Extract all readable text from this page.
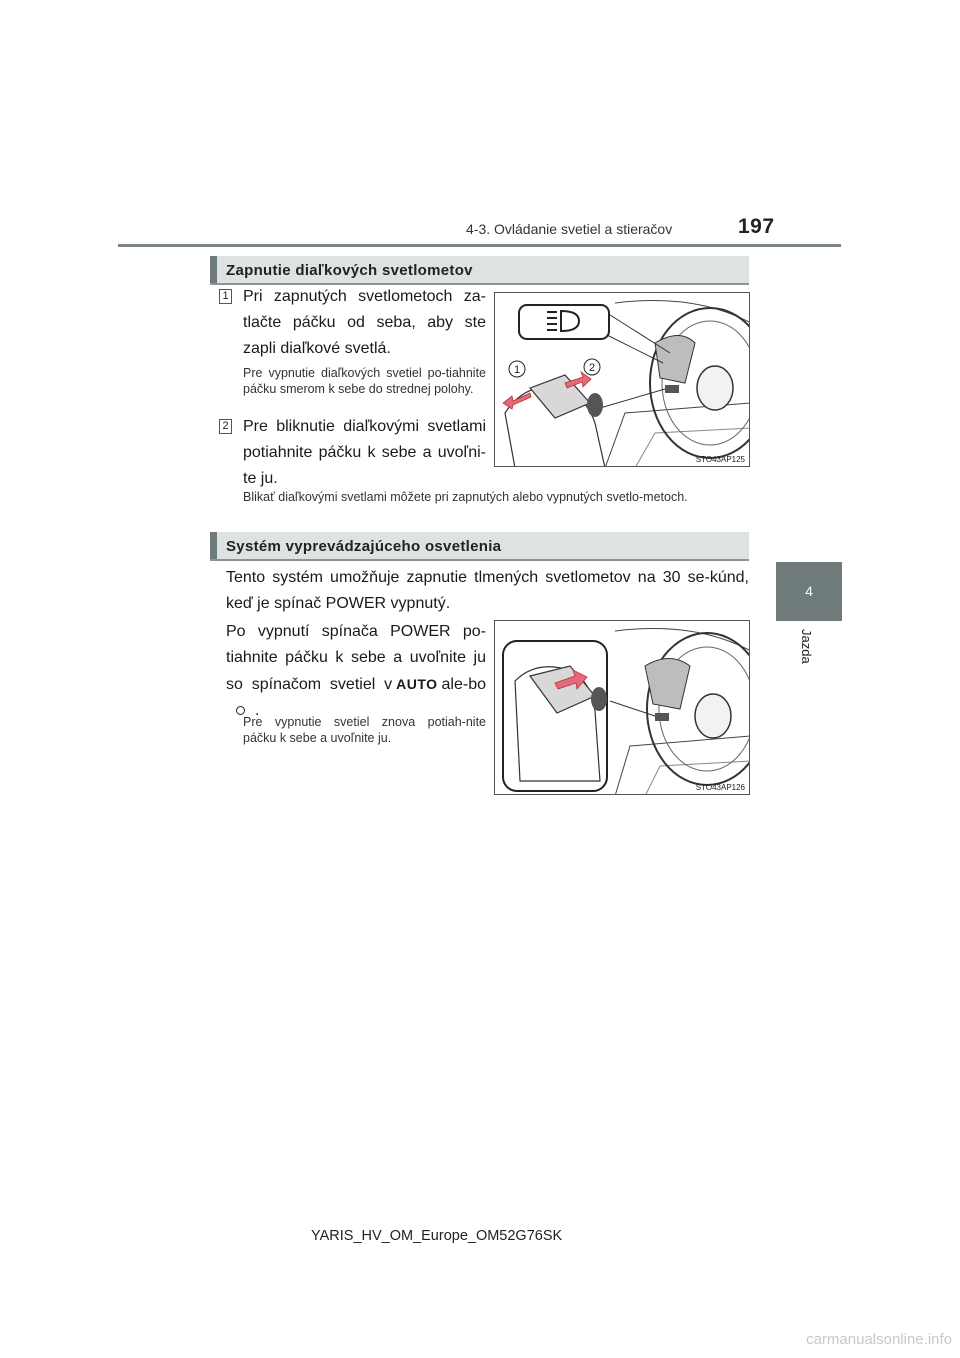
4-3. Ovládanie svetiel a stieračov	197
4
Jazda
Zapnutie diaľkových svetlometov
1 Pri zapnutých svetlometoch za-tlačte páčku od seba, aby ste zapli diaľkové svetlá.
Pre vypnutie diaľkových svetiel po-tiahnite páčku smerom k sebe do strednej polohy.
2 Pre bliknutie diaľkovými svetlami potiahnite páčku k sebe a uvoľni-te ju.
Blikať diaľkovými svetlami môžete pri zapnutých alebo vypnutých svetlo-metoch.
1	2
STO43AP125
Systém vyprevádzajúceho osvetlenia
Tento systém umožňuje zapnutie tlmených svetlometov na 30 se-kúnd, keď je spínač POWER vypnutý.
Po vypnutí spínača POWER po-tiahnite páčku k sebe a uvoľnite ju so spínačom svetiel v AUTO ale-bo.
Pre vypnutie svetiel znova potiah-nite páčku k sebe a uvoľnite ju.
STO43AP126
YARIS_HV_OM_Europe_OM52G76SK
carmanualsonline.info
